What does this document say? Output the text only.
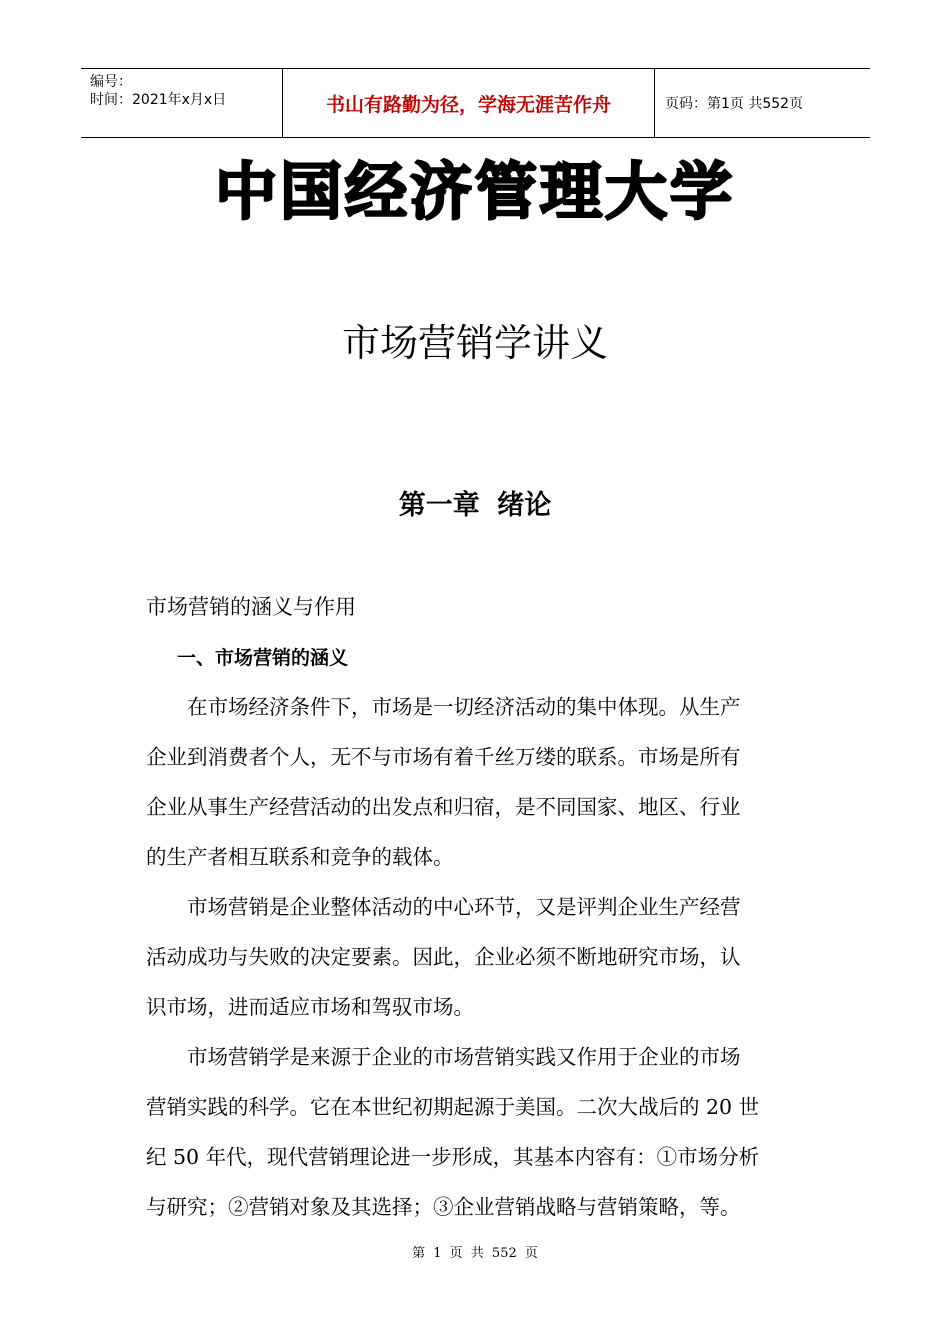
编号：
时间：2021年x月x日	书山有路勤为径，学海无涯苦作舟	页码：第1页 共552页
中国经济管理大学
市场营销学讲义
第一章 绪论
市场营销的涵义与作用
一、市场营销的涵义
　　在市场经济条件下，市场是一切经济活动的集中体现。从生产
企业到消费者个人，无不与市场有着千丝万缕的联系。市场是所有
企业从事生产经营活动的出发点和归宿，是不同国家、地区、行业
的生产者相互联系和竞争的载体。
　　市场营销是企业整体活动的中心环节，又是评判企业生产经营
活动成功与失败的决定要素。因此，企业必须不断地研究市场，认
识市场，进而适应市场和驾驭市场。
　　市场营销学是来源于企业的市场营销实践又作用于企业的市场
营销实践的科学。它在本世纪初期起源于美国。二次大战后的 20 世
纪 50 年代，现代营销理论进一步形成，其基本内容有：①市场分析
与研究；②营销对象及其选择；③企业营销战略与营销策略，等。
第 1 页 共 552 页
